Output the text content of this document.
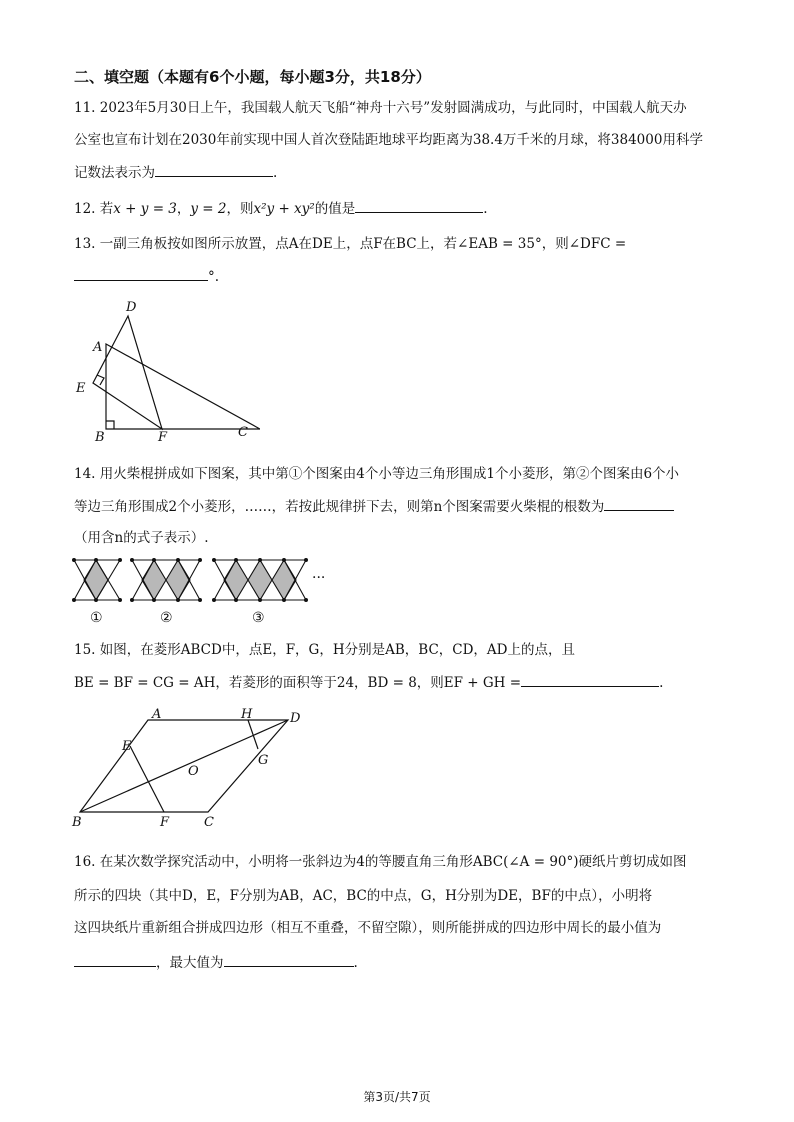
二、填空题（本题有6个小题，每小题3分，共18分）
11. 2023年5月30日上午，我国载人航天飞船“神舟十六号”发射圆满成功，与此同时，中国载人航天办
公室也宣布计划在2030年前实现中国人首次登陆距地球平均距离为38.4万千米的月球，将384000用科学
记数法表示为	.
12. 若x + y = 3，y = 2，则x²y + xy²的值是	.
13. 一副三角板按如图所示放置，点A在DE上，点F在BC上，若∠EAB = 35°，则∠DFC =
°.
D
A
E
B	F	C
14. 用火柴棍拼成如下图案，其中第①个图案由4个小等边三角形围成1个小菱形，第②个图案由6个小
等边三角形围成2个小菱形，……，若按此规律拼下去，则第n个图案需要火柴棍的根数为
（用含n的式子表示）.
···
①	②	③
15. 如图，在菱形ABCD中，点E，F，G，H分别是AB，BC，CD，AD上的点，且
BE = BF = CG = AH，若菱形的面积等于24，BD = 8，则EF + GH =	.
A	H	D
E
O
G
B	F	C
16. 在某次数学探究活动中，小明将一张斜边为4的等腰直角三角形ABC(∠A = 90°)硬纸片剪切成如图
所示的四块（其中D，E，F分别为AB，AC，BC的中点，G，H分别为DE，BF的中点），小明将
这四块纸片重新组合拼成四边形（相互不重叠，不留空隙），则所能拼成的四边形中周长的最小值为
，最大值为	.
第3页/共7页
